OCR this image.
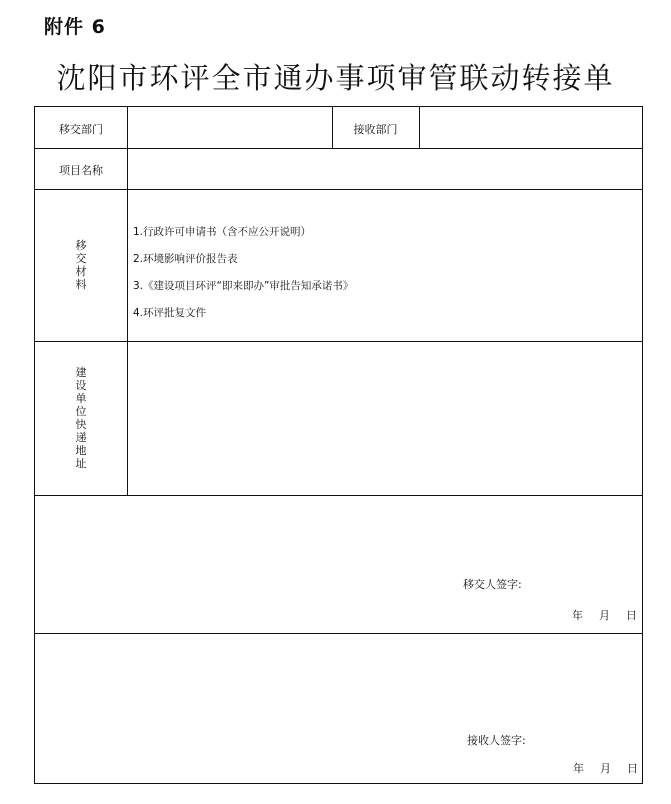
附件 6
沈阳市环评全市通办事项审管联动转接单
移交部门	接收部门
项目名称
移交材料
1.行政许可申请书（含不应公开说明）
2.环境影响评价报告表
3.《建设项目环评“即来即办”审批告知承诺书》
4.环评批复文件
建设单位快递地址
移交人签字:
年 月 日
接收人签字:
年 月 日
